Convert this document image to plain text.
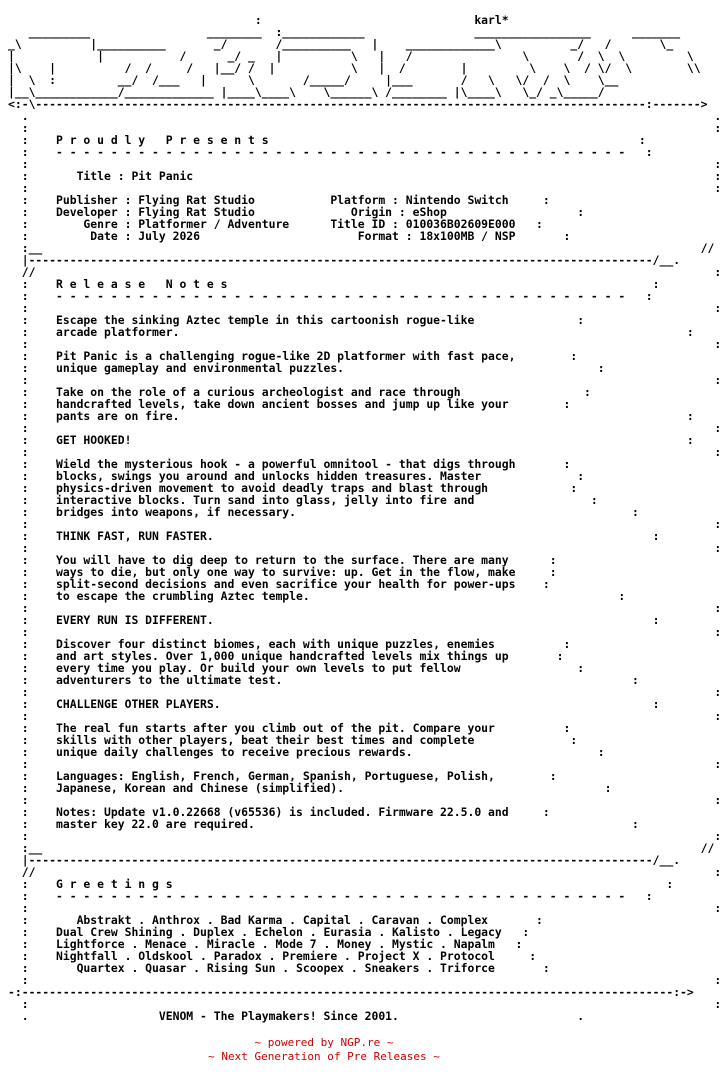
:                               karl*
_________                 ________  :____________                _________________      _______
_\          |__________       _/       /__________   |    _____________\          _/   /       \_
|            |           /      _/ _   |          \   |   /                \       /  \  \         \
|\    |          /  /     /   |__/ /  |           \   |  /        |         \    \  / \/  \        \\
|  \  :         __/  /___   |      \       /_____/     |___       /   \   \/  /  \    \__
|__\____________/_____________ |____\____\    \______\ /________ |\____\   \_/ _\_____/
<:-\-----------------------------------------------------------------------------------------:------->
.                                                                                                    .
:                                                                                                    :
:    P r o u d l y   P r e s e n t s                                                      :
:    - - - - - - - - - - - - - - - - - - - - - - - - - - - - - - - - - - - - - - - - - -   :
:                                                                                                    :
:       Title : Pit Panic                                                                            :
:                                                                                                    :
:    Publisher : Flying Rat Studio           Platform : Nintendo Switch     :
:    Developer : Flying Rat Studio              Origin : eShop                   :
:        Genre : Platformer / Adventure      Title ID : 010036B02609E000   :
:         Date : July 2026                       Format : 18x100MB / NSP       :
:__                                                                                                //
|-------------------------------------------------------------------------------------------/__.
//                                                                                                   :
:    R e l e a s e   N o t e s                                                              :
:    - - - - - - - - - - - - - - - - - - - - - - - - - - - - - - - - - - - - - - - - - -   :
:                                                                                                    :
:    Escape the sinking Aztec temple in this cartoonish rogue-like               :
:    arcade platformer.                                                                          :
:                                                                                                    :
:    Pit Panic is a challenging rogue-like 2D platformer with fast pace,        :
:    unique gameplay and environmental puzzles.                                     :
:                                                                                                    :
:    Take on the role of a curious archeologist and race through                  :
:    handcrafted levels, take down ancient bosses and jump up like your        :
:    pants are on fire.                                                                          :
:                                                                                                    :
:    GET HOOKED!                                                                                 :
:                                                                                                    :
:    Wield the mysterious hook - a powerful omnitool - that digs through       :
:    blocks, swings you around and unlocks hidden treasures. Master              :
:    physics-driven movement to avoid deadly traps and blast through            :
:    interactive blocks. Turn sand into glass, jelly into fire and                 :
:    bridges into weapons, if necessary.                                                 :
:                                                                                                    :
:    THINK FAST, RUN FASTER.                                                                :
:                                                                                                    :
:    You will have to dig deep to return to the surface. There are many      :
:    ways to die, but only one way to survive: up. Get in the flow, make     :
:    split-second decisions and even sacrifice your health for power-ups    :
:    to escape the crumbling Aztec temple.                                             :
:                                                                                                    :
:    EVERY RUN IS DIFFERENT.                                                                :
:                                                                                                    :
:    Discover four distinct biomes, each with unique puzzles, enemies          :
:    and art styles. Over 1,000 unique handcrafted levels mix things up       :
:    every time you play. Or build your own levels to put fellow                 :
:    adventurers to the ultimate test.                                                   :
:                                                                                                    :
:    CHALLENGE OTHER PLAYERS.                                                               :
:                                                                                                    :
:    The real fun starts after you climb out of the pit. Compare your          :
:    skills with other players, beat their best times and complete              :
:    unique daily challenges to receive precious rewards.                           :
:                                                                                                    :
:    Languages: English, French, German, Spanish, Portuguese, Polish,        :
:    Japanese, Korean and Chinese (simplified).                                      :
:                                                                                                    :
:    Notes: Update v1.0.22668 (v65536) is included. Firmware 22.5.0 and     :
:    master key 22.0 are required.                                                       :
:                                                                                                    :
:__                                                                                                //
|-------------------------------------------------------------------------------------------/__.
//                                                                                                   :
:    G r e e t i n g s                                                                        :
:    - - - - - - - - - - - - - - - - - - - - - - - - - - - - - - - - - - - - - - - - - -   :
:                                                                                                    :
:       Abstrakt . Anthrox . Bad Karma . Capital . Caravan . Complex       :
:    Dual Crew Shining . Duplex . Echelon . Eurasia . Kalisto . Legacy   :
:    Lightforce . Menace . Miracle . Mode 7 . Money . Mystic . Napalm   :
:    Nightfall . Oldskool . Paradox . Premiere . Project X . Protocol     :
:       Quartex . Quasar . Rising Sun . Scoopex . Sneakers . Triforce       :
:                                                                                                    :
-:-----------------------------------------------------------------------------------------------:->
:                                                                                                    :
.                   VENOM - The Playmakers! Since 2001.                          .

~ powered by NGP.re ~
~ Next Generation of Pre Releases ~
